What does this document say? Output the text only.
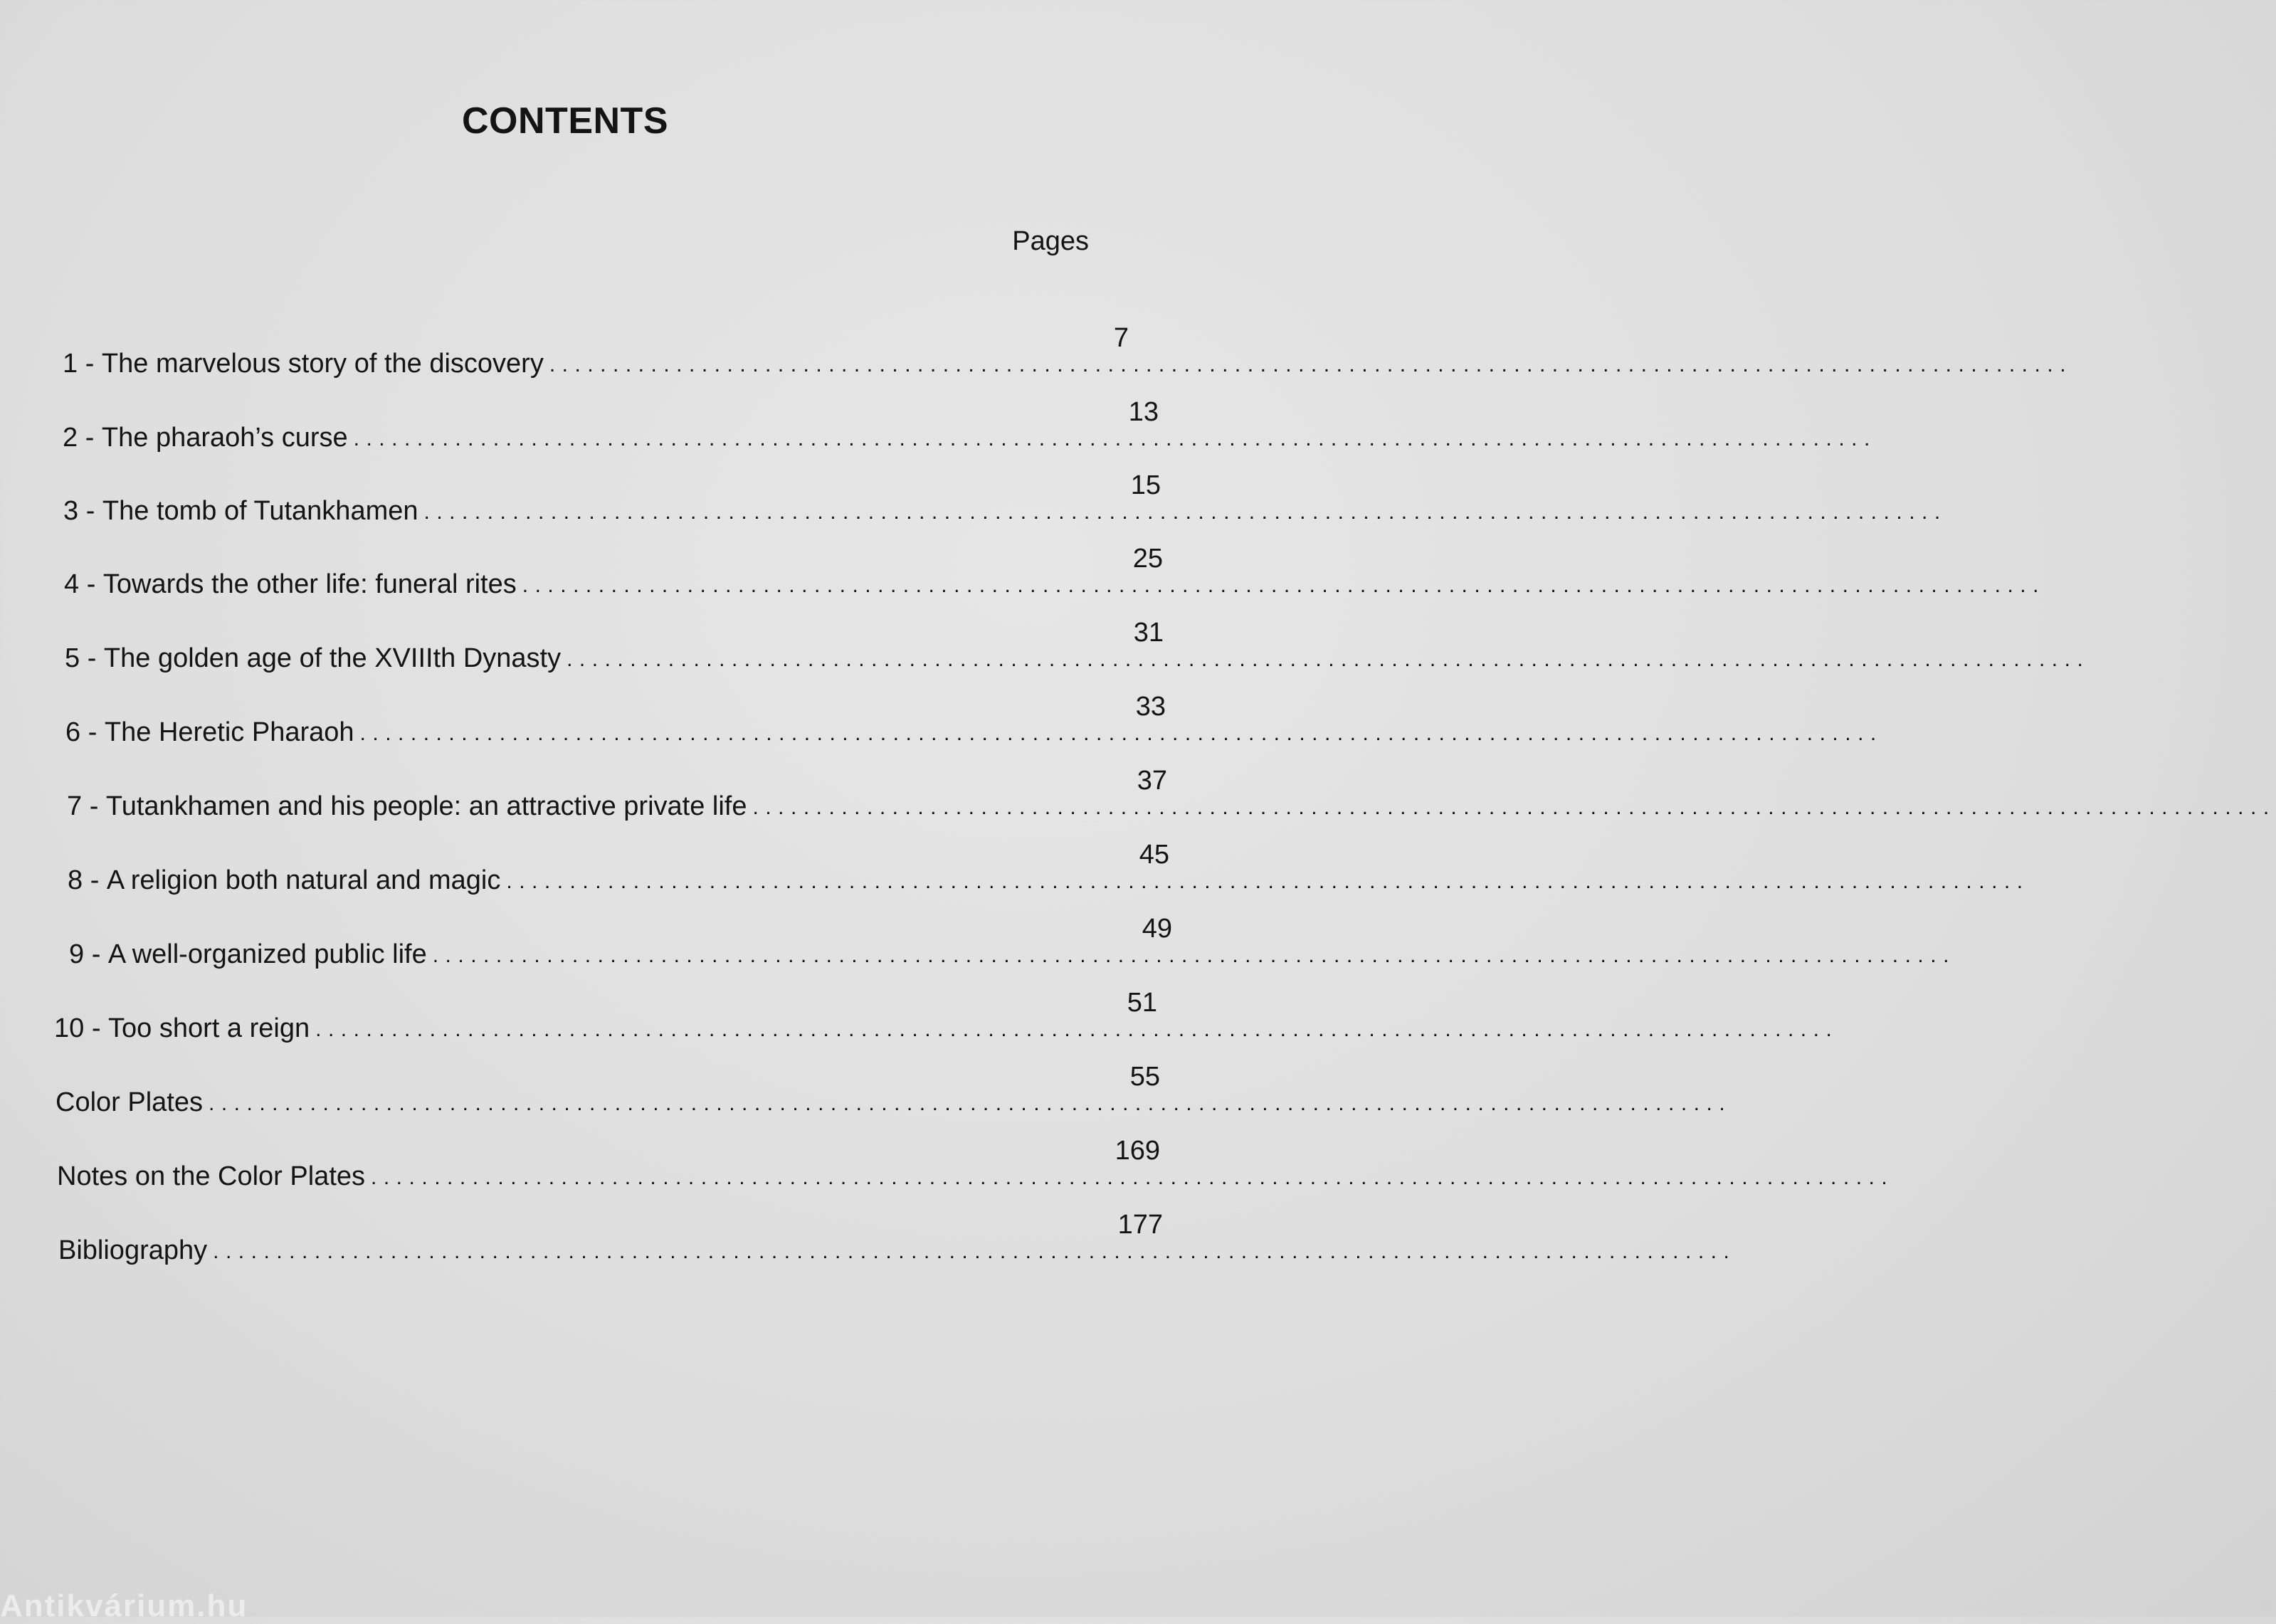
CONTENTS
Pages
1 - The marvelous story of the discovery ........................................................................................................................
7
2 - The pharaoh’s curse ........................................................................................................................
13
3 - The tomb of Tutankhamen ........................................................................................................................
15
4 - Towards the other life: funeral rites ........................................................................................................................
25
5 - The golden age of the XVIIIth Dynasty ........................................................................................................................
31
6 - The Heretic Pharaoh ........................................................................................................................
33
7 - Tutankhamen and his people: an attractive private life ........................................................................................................................
37
8 - A religion both natural and magic ........................................................................................................................
45
9 - A well-organized public life ........................................................................................................................
49
10 - Too short a reign ........................................................................................................................
51
Color Plates ........................................................................................................................
55
Notes on the Color Plates ........................................................................................................................
169
Bibliography ........................................................................................................................
177
Antikvárium.hu
